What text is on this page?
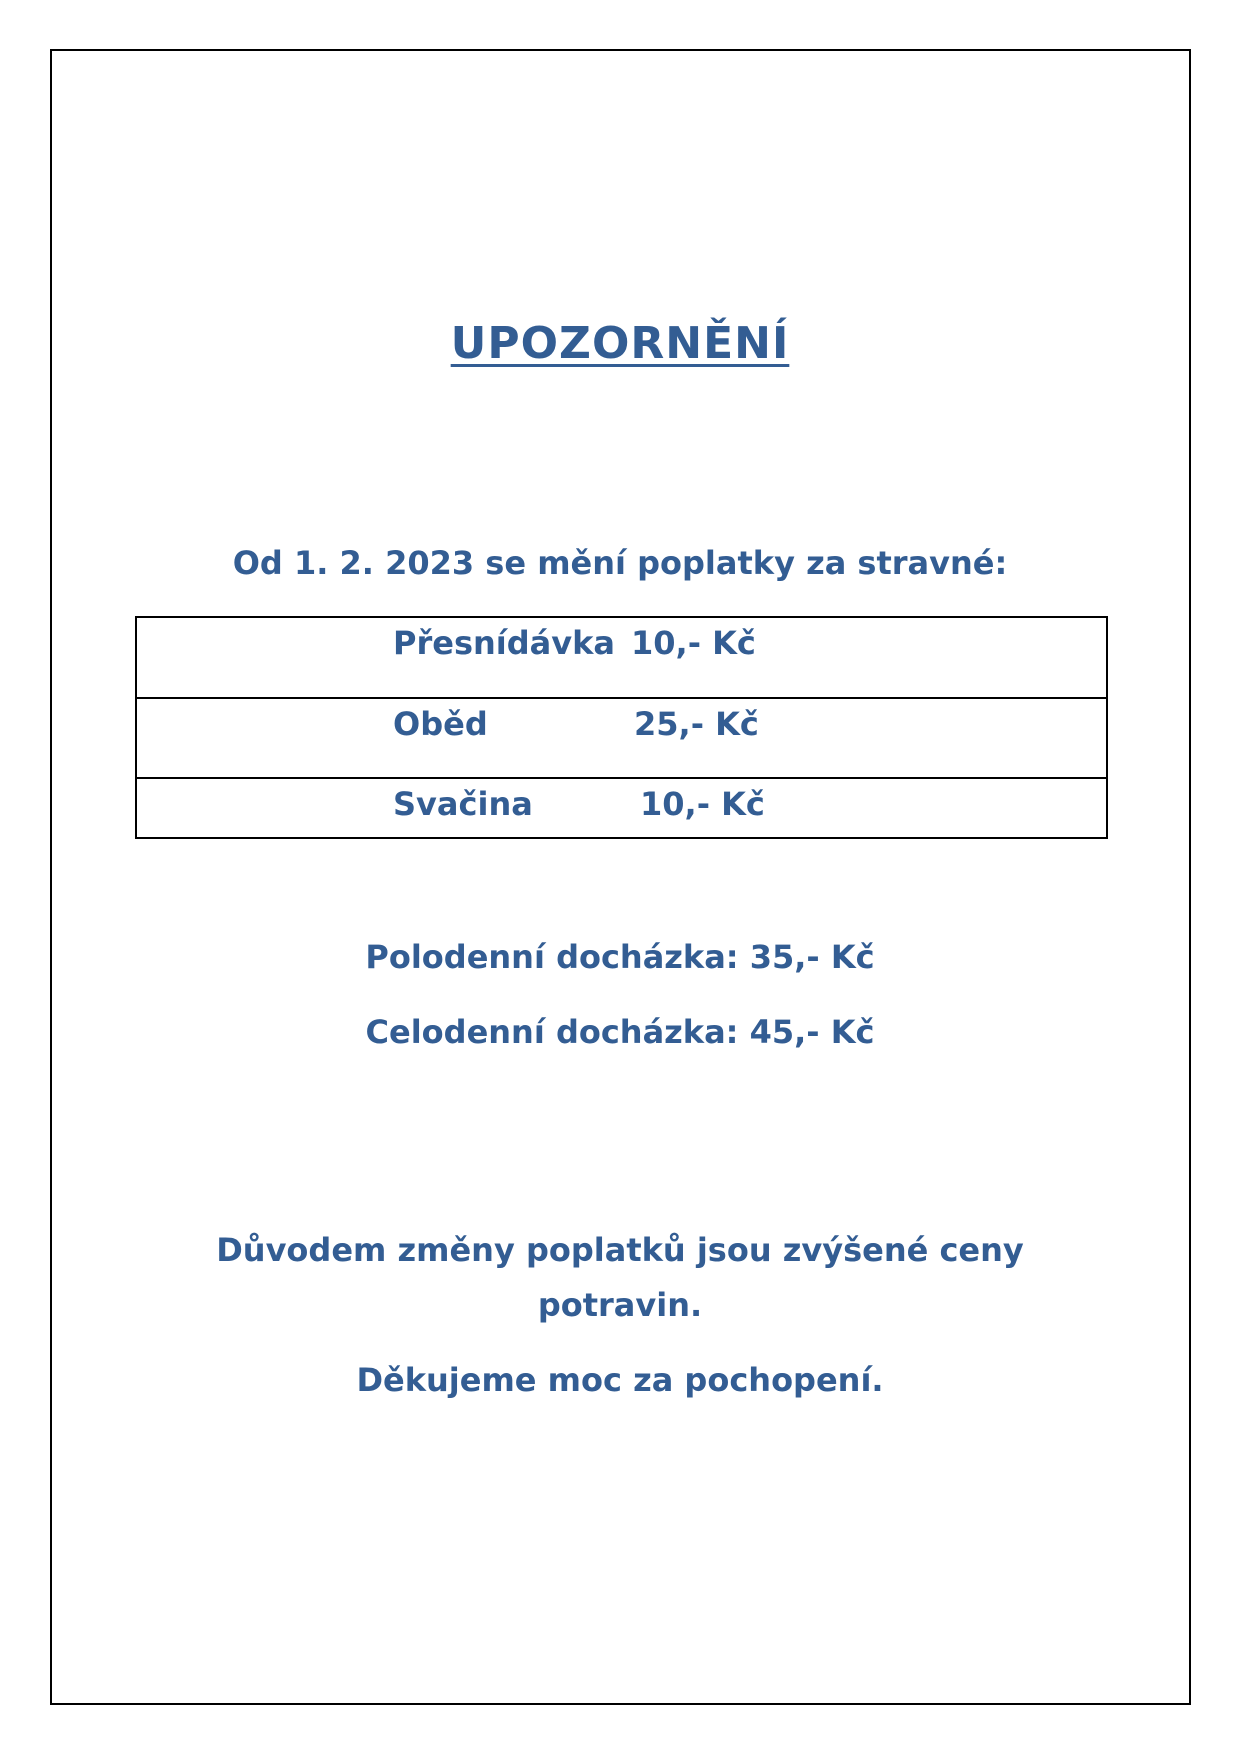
UPOZORNĚNÍ
Od 1. 2. 2023 se mění poplatky za stravné:
Přesnídávka 10,- Kč
Oběd	25,- Kč
Svačina	10,- Kč
Polodenní docházka: 35,- Kč
Celodenní docházka: 45,- Kč
Důvodem změny poplatků jsou zvýšené ceny
potravin.
Děkujeme moc za pochopení.
